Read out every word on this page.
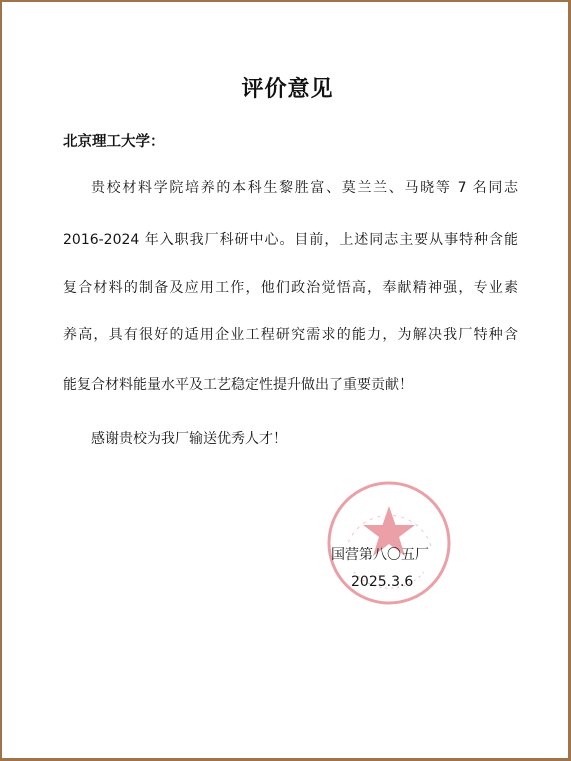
评价意见
北京理工大学：
贵校材料学院培养的本科生黎胜富、莫兰兰、马晓等 7 名同志
2016-2024 年入职我厂科研中心。目前，上述同志主要从事特种含能
复合材料的制备及应用工作，他们政治觉悟高，奉献精神强，专业素
养高，具有很好的适用企业工程研究需求的能力，为解决我厂特种含
能复合材料能量水平及工艺稳定性提升做出了重要贡献！
感谢贵校为我厂输送优秀人才！
国营第八〇五厂
2025.3.6
